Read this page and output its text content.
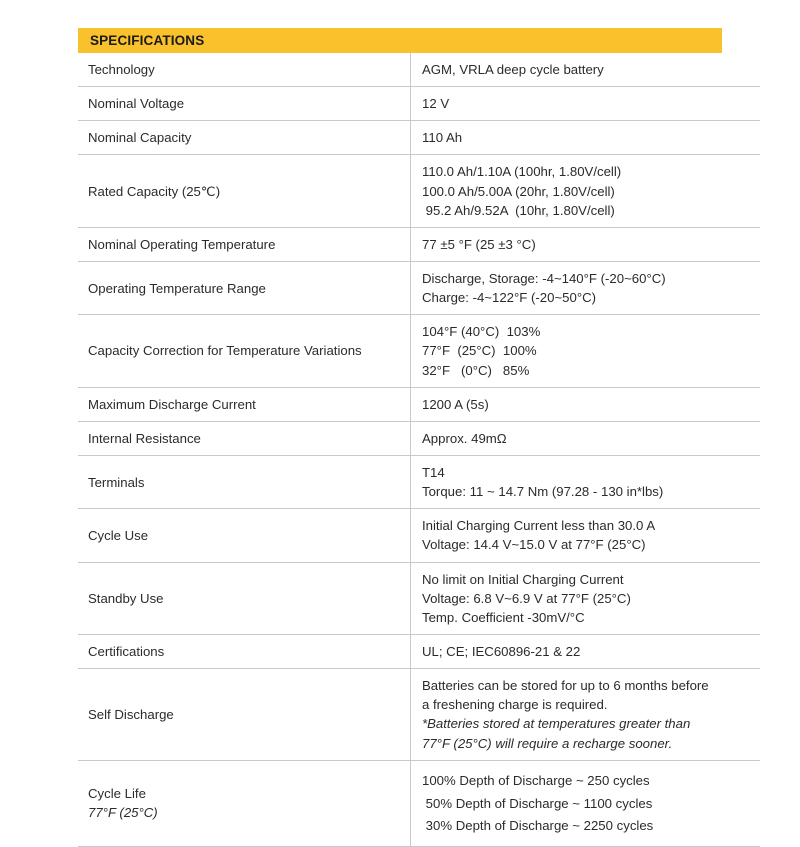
SPECIFICATIONS
Technology	AGM, VRLA deep cycle battery

Nominal Voltage	12 V

Nominal Capacity	110 Ah

Rated Capacity (25℃)	110.0 Ah/1.10A (100hr, 1.80V/cell)
100.0 Ah/5.00A (20hr, 1.80V/cell)
95.2 Ah/9.52A  (10hr, 1.80V/cell)

Nominal Operating Temperature	77 ±5 °F (25 ±3 °C)

Operating Temperature Range	Discharge, Storage: -4~140°F (-20~60°C)
Charge: -4~122°F (-20~50°C)

Capacity Correction for Temperature Variations	104°F (40°C)  103%
77°F  (25°C)  100%
32°F   (0°C)   85%

Maximum Discharge Current	1200 A (5s)

Internal Resistance	Approx. 49mΩ

Terminals	T14
Torque: 11 ~ 14.7 Nm (97.28 - 130 in*lbs)

Cycle Use	Initial Charging Current less than 30.0 A
Voltage: 14.4 V~15.0 V at 77°F (25°C)

Standby Use	No limit on Initial Charging Current
Voltage: 6.8 V~6.9 V at 77°F (25°C)
Temp. Coefficient -30mV/°C

Certifications	UL; CE; IEC60896-21 & 22

Self Discharge	Batteries can be stored for up to 6 months before
a freshening charge is required.
*Batteries stored at temperatures greater than
77°F (25°C) will require a recharge sooner.

Cycle Life
77°F (25°C)	100% Depth of Discharge ~ 250 cycles
50% Depth of Discharge ~ 1100 cycles
30% Depth of Discharge ~ 2250 cycles
